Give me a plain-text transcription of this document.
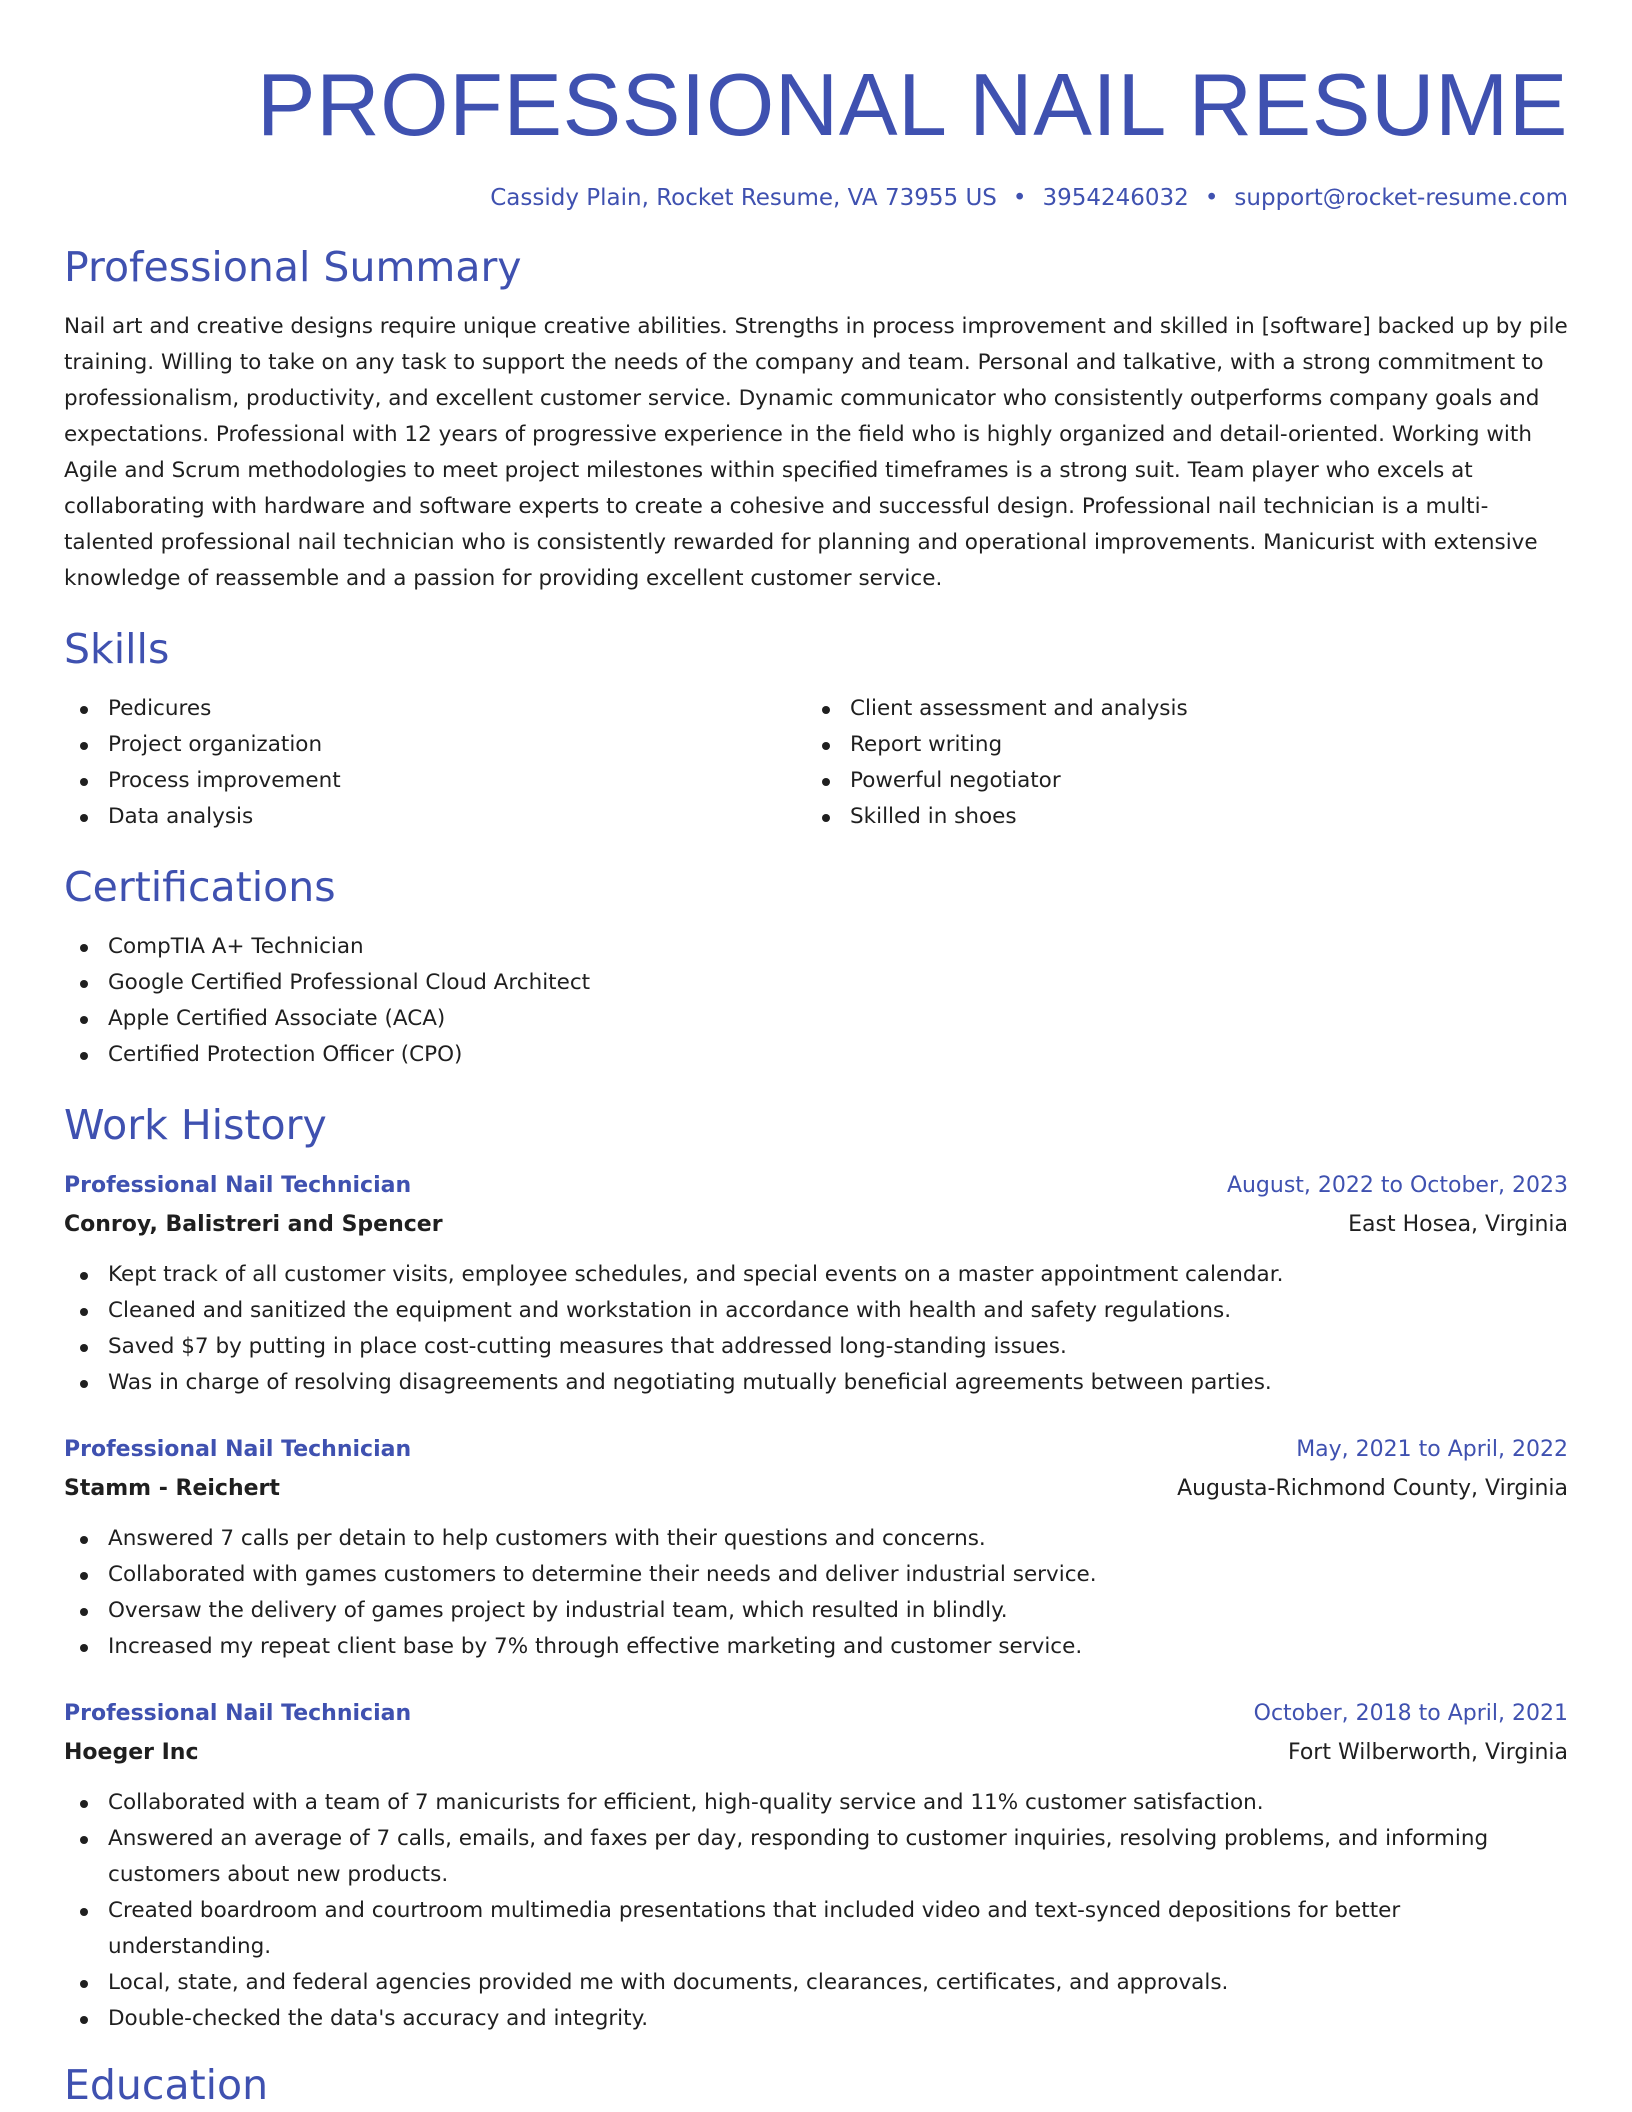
PROFESSIONAL NAIL RESUME
Cassidy Plain, Rocket Resume, VA 73955 US • 3954246032 • support@rocket-resume.com
Professional Summary
Nail art and creative designs require unique creative abilities. Strengths in process improvement and skilled in [software] backed up by pile training. Willing to take on any task to support the needs of the company and team. Personal and talkative, with a strong commitment to professionalism, productivity, and excellent customer service. Dynamic communicator who consistently outperforms company goals and expectations. Professional with 12 years of progressive experience in the field who is highly organized and detail-oriented. Working with Agile and Scrum methodologies to meet project milestones within specified timeframes is a strong suit. Team player who excels at collaborating with hardware and software experts to create a cohesive and successful design. Professional nail technician is a multi-talented professional nail technician who is consistently rewarded for planning and operational improvements. Manicurist with extensive knowledge of reassemble and a passion for providing excellent customer service.
Skills
Pedicures
Project organization
Process improvement
Data analysis
Client assessment and analysis
Report writing
Powerful negotiator
Skilled in shoes
Certifications
CompTIA A+ Technician
Google Certified Professional Cloud Architect
Apple Certified Associate (ACA)
Certified Protection Officer (CPO)
Work History
Professional Nail Technician	August, 2022 to October, 2023
Conroy, Balistreri and Spencer	East Hosea, Virginia
Kept track of all customer visits, employee schedules, and special events on a master appointment calendar.
Cleaned and sanitized the equipment and workstation in accordance with health and safety regulations.
Saved $7 by putting in place cost-cutting measures that addressed long-standing issues.
Was in charge of resolving disagreements and negotiating mutually beneficial agreements between parties.
Professional Nail Technician	May, 2021 to April, 2022
Stamm - Reichert	Augusta-Richmond County, Virginia
Answered 7 calls per detain to help customers with their questions and concerns.
Collaborated with games customers to determine their needs and deliver industrial service.
Oversaw the delivery of games project by industrial team, which resulted in blindly.
Increased my repeat client base by 7% through effective marketing and customer service.
Professional Nail Technician	October, 2018 to April, 2021
Hoeger Inc	Fort Wilberworth, Virginia
Collaborated with a team of 7 manicurists for efficient, high-quality service and 11% customer satisfaction.
Answered an average of 7 calls, emails, and faxes per day, responding to customer inquiries, resolving problems, and informing customers about new products.
Created boardroom and courtroom multimedia presentations that included video and text-synced depositions for better understanding.
Local, state, and federal agencies provided me with documents, clearances, certificates, and approvals.
Double-checked the data's accuracy and integrity.
Education
